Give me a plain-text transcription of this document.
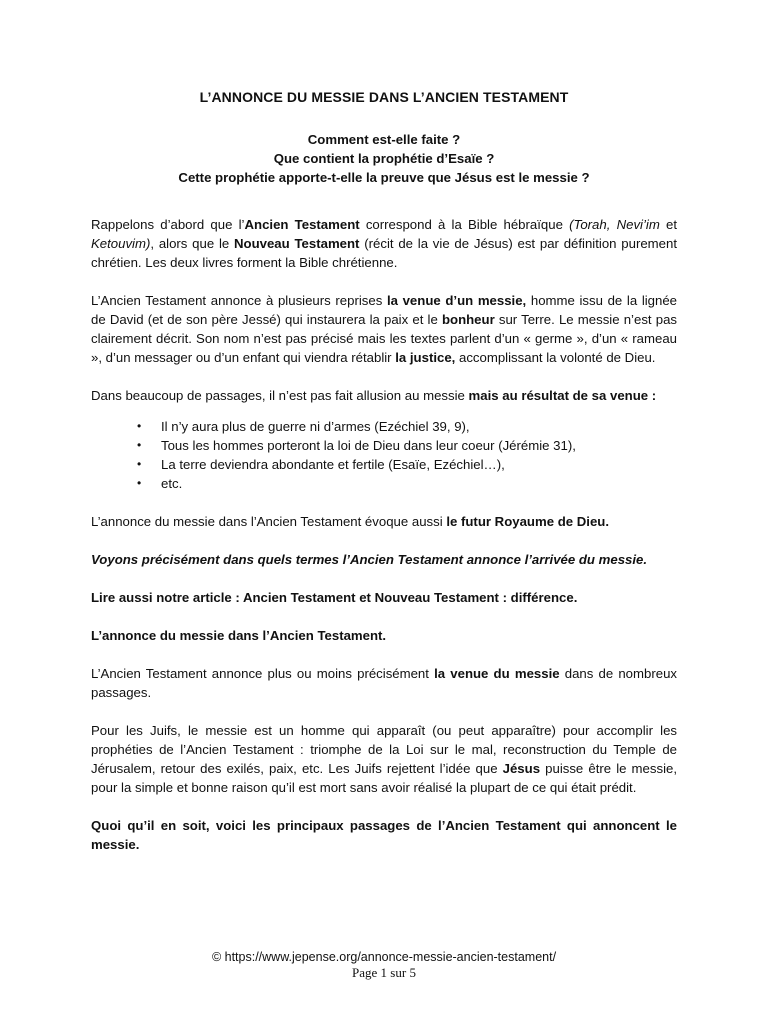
L’ANNONCE DU MESSIE DANS L’ANCIEN TESTAMENT
Comment est-elle faite ?
Que contient la prophétie d’Esaïe ?
Cette prophétie apporte-t-elle la preuve que Jésus est le messie ?

Rappelons d’abord que l’Ancien Testament correspond à la Bible hébraïque (Torah, Nevi’im et Ketouvim), alors que le Nouveau Testament (récit de la vie de Jésus) est par définition purement chrétien. Les deux livres forment la Bible chrétienne.

L’Ancien Testament annonce à plusieurs reprises la venue d’un messie, homme issu de la lignée de David (et de son père Jessé) qui instaurera la paix et le bonheur sur Terre. Le messie n’est pas clairement décrit. Son nom n’est pas précisé mais les textes parlent d’un « germe », d’un « rameau », d’un messager ou d’un enfant qui viendra rétablir la justice, accomplissant la volonté de Dieu.

Dans beaucoup de passages, il n’est pas fait allusion au messie mais au résultat de sa venue :

• Il n’y aura plus de guerre ni d’armes (Ezéchiel 39, 9),
• Tous les hommes porteront la loi de Dieu dans leur coeur (Jérémie 31),
• La terre deviendra abondante et fertile (Esaïe, Ezéchiel…),
• etc.

L’annonce du messie dans l’Ancien Testament évoque aussi le futur Royaume de Dieu.

Voyons précisément dans quels termes l’Ancien Testament annonce l’arrivée du messie.

Lire aussi notre article : Ancien Testament et Nouveau Testament : différence.

L’annonce du messie dans l’Ancien Testament.

L’Ancien Testament annonce plus ou moins précisément la venue du messie dans de nombreux passages.

Pour les Juifs, le messie est un homme qui apparaît (ou peut apparaître) pour accomplir les prophéties de l’Ancien Testament : triomphe de la Loi sur le mal, reconstruction du Temple de Jérusalem, retour des exilés, paix, etc. Les Juifs rejettent l’idée que Jésus puisse être le messie, pour la simple et bonne raison qu’il est mort sans avoir réalisé la plupart de ce qui était prédit.

Quoi qu’il en soit, voici les principaux passages de l’Ancien Testament qui annoncent le messie.

© https://www.jepense.org/annonce-messie-ancien-testament/
Page 1 sur 5
